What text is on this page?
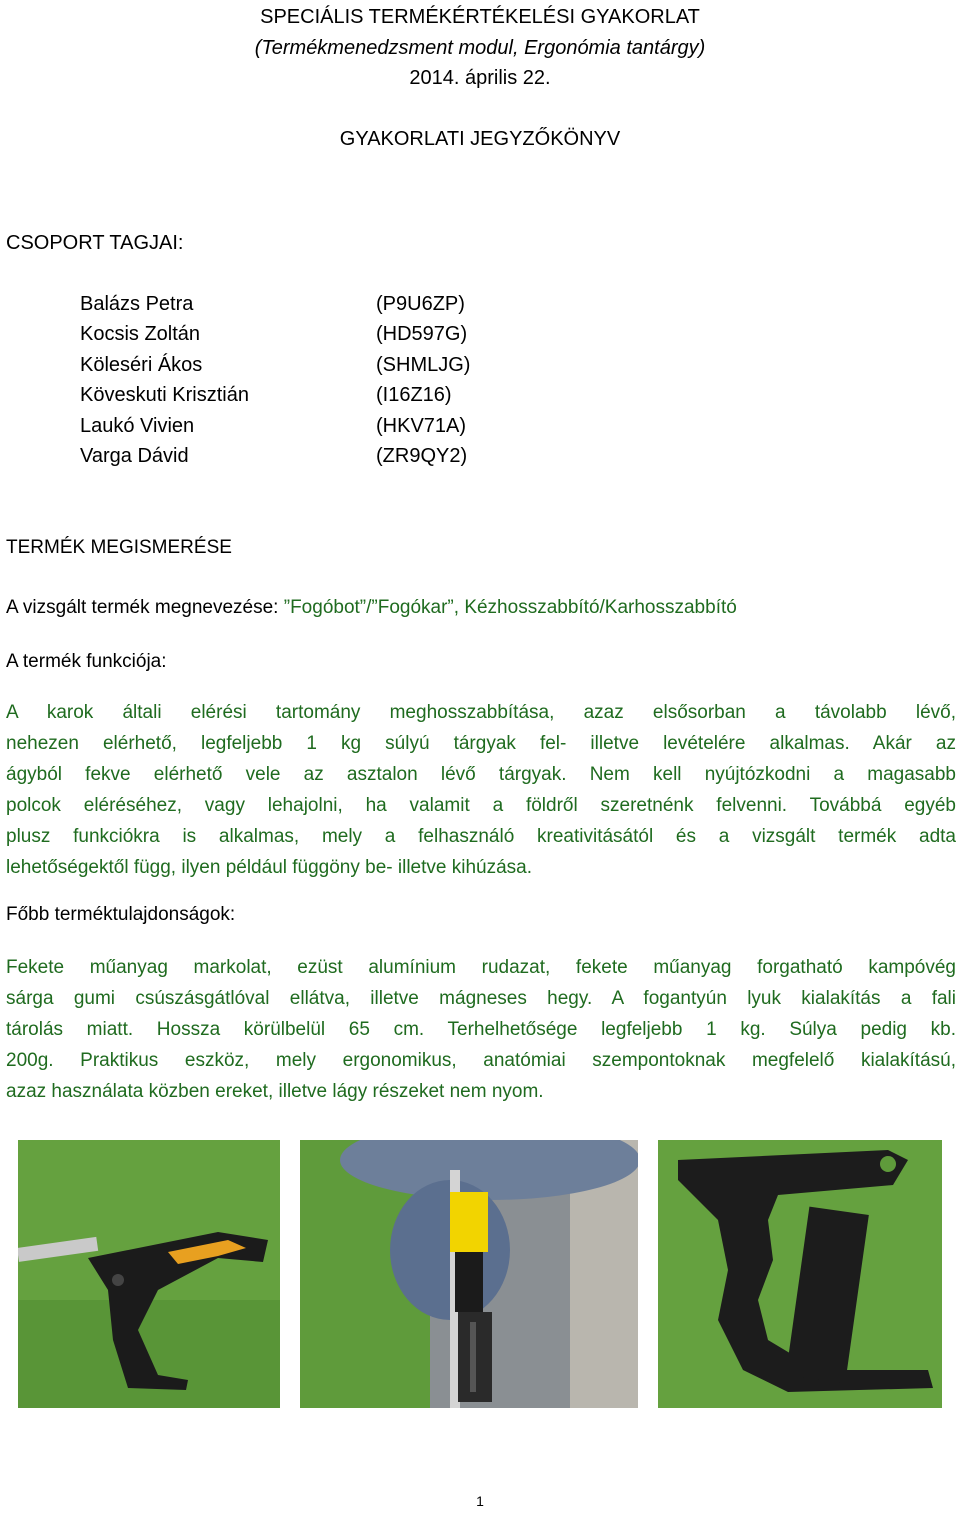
SPECIÁLIS TERMÉKÉRTÉKELÉSI GYAKORLAT
(Termékmenedzsment modul, Ergonómia tantárgy)
2014. április 22.
GYAKORLATI JEGYZŐKÖNYV
CSOPORT TAGJAI:
Balázs Petra	(P9U6ZP)
Kocsis Zoltán	(HD597G)
Köleséri Ákos	(SHMLJG)
Köveskuti Krisztián	(I16Z16)
Laukó Vivien	(HKV71A)
Varga Dávid	(ZR9QY2)
TERMÉK MEGISMERÉSE
A vizsgált termék megnevezése: ”Fogóbot”/”Fogókar”, Kézhosszabbító/Karhosszabbító
A termék funkciója:
A karok általi elérési tartomány meghosszabbítása, azaz elsősorban a távolabb lévő,
nehezen elérhető, legfeljebb 1 kg súlyú tárgyak fel- illetve levételére alkalmas. Akár az
ágyból fekve elérhető vele az asztalon lévő tárgyak. Nem kell nyújtózkodni a magasabb
polcok eléréséhez, vagy lehajolni, ha valamit a földről szeretnénk felvenni. Továbbá egyéb
plusz funkciókra is alkalmas, mely a felhasználó kreativitásától és a vizsgált termék adta
lehetőségektől függ, ilyen például függöny be- illetve kihúzása.
Főbb terméktulajdonságok:
Fekete műanyag markolat, ezüst alumínium rudazat, fekete műanyag forgatható kampóvég
sárga gumi csúszásgátlóval ellátva, illetve mágneses hegy. A fogantyún lyuk kialakítás a fali
tárolás miatt. Hossza körülbelül 65 cm. Terhelhetősége legfeljebb 1 kg. Súlya pedig kb.
200g. Praktikus eszköz, mely ergonomikus, anatómiai szempontoknak megfelelő kialakítású,
azaz használata közben ereket, illetve lágy részeket nem nyom.
1
